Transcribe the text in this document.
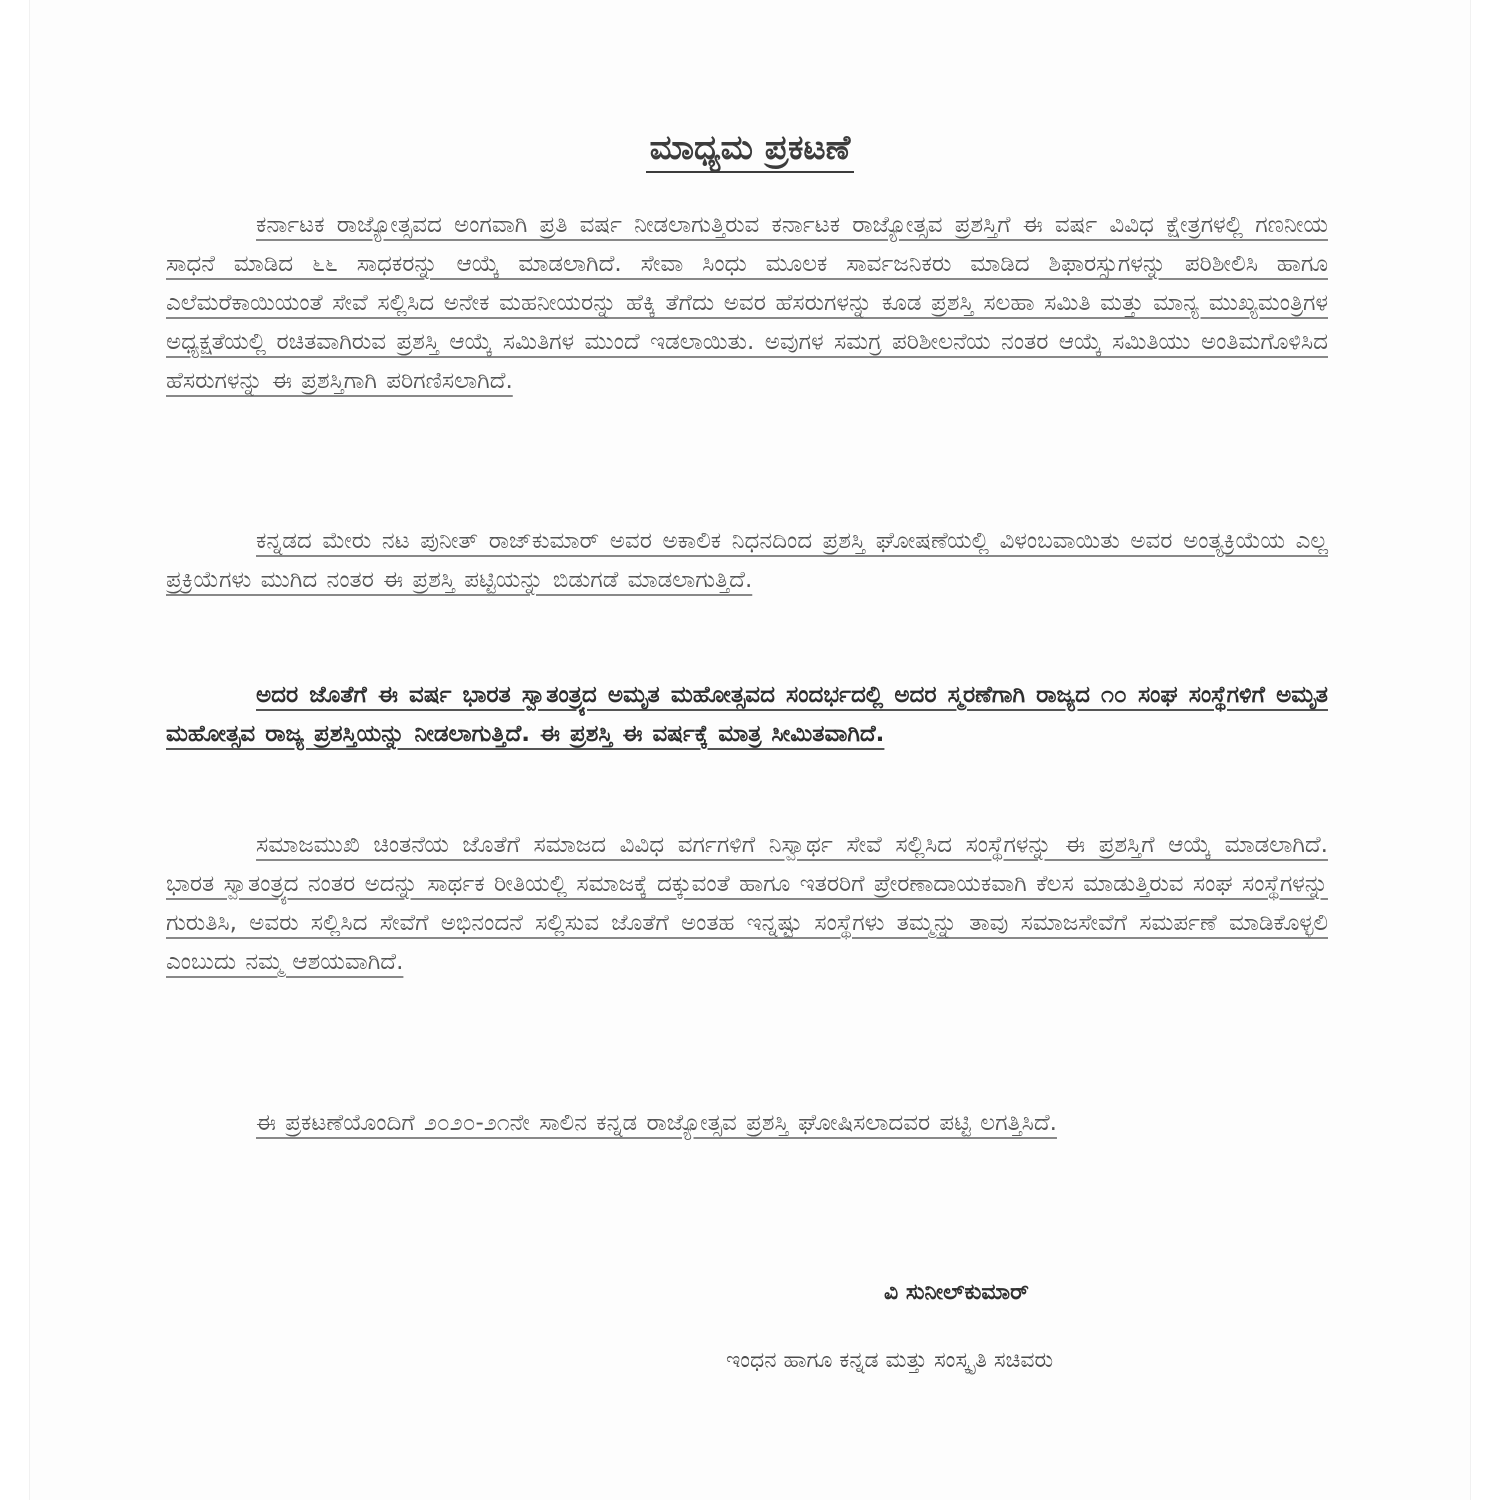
ಮಾಧ್ಯಮ ಪ್ರಕಟಣೆ

ಕರ್ನಾಟಕ ರಾಜ್ಯೋತ್ಸವದ ಅಂಗವಾಗಿ ಪ್ರತಿ ವರ್ಷ ನೀಡಲಾಗುತ್ತಿರುವ ಕರ್ನಾಟಕ ರಾಜ್ಯೋತ್ಸವ ಪ್ರಶಸ್ತಿಗೆ ಈ ವರ್ಷ ವಿವಿಧ ಕ್ಷೇತ್ರಗಳಲ್ಲಿ ಗಣನೀಯ ಸಾಧನೆ ಮಾಡಿದ ೬೬ ಸಾಧಕರನ್ನು ಆಯ್ಕೆ ಮಾಡಲಾಗಿದೆ. ಸೇವಾ ಸಿಂಧು ಮೂಲಕ ಸಾರ್ವಜನಿಕರು ಮಾಡಿದ ಶಿಫಾರಸ್ಸುಗಳನ್ನು ಪರಿಶೀಲಿಸಿ ಹಾಗೂ ಎಲೆಮರೆಕಾಯಿಯಂತೆ ಸೇವೆ ಸಲ್ಲಿಸಿದ ಅನೇಕ ಮಹನೀಯರನ್ನು ಹೆಕ್ಕಿ ತೆಗೆದು ಅವರ ಹೆಸರುಗಳನ್ನು ಕೂಡ ಪ್ರಶಸ್ತಿ ಸಲಹಾ ಸಮಿತಿ ಮತ್ತು ಮಾನ್ಯ ಮುಖ್ಯಮಂತ್ರಿಗಳ ಅಧ್ಯಕ್ಷತೆಯಲ್ಲಿ ರಚಿತವಾಗಿರುವ ಪ್ರಶಸ್ತಿ ಆಯ್ಕೆ ಸಮಿತಿಗಳ ಮುಂದೆ ಇಡಲಾಯಿತು. ಅವುಗಳ ಸಮಗ್ರ ಪರಿಶೀಲನೆಯ ನಂತರ ಆಯ್ಕೆ ಸಮಿತಿಯು ಅಂತಿಮಗೊಳಿಸಿದ ಹೆಸರುಗಳನ್ನು ಈ ಪ್ರಶಸ್ತಿಗಾಗಿ ಪರಿಗಣಿಸಲಾಗಿದೆ.

ಕನ್ನಡದ ಮೇರು ನಟ ಪುನೀತ್ ರಾಜ್‌ಕುಮಾರ್ ಅವರ ಅಕಾಲಿಕ ನಿಧನದಿಂದ ಪ್ರಶಸ್ತಿ ಘೋಷಣೆಯಲ್ಲಿ ವಿಳಂಬವಾಯಿತು ಅವರ ಅಂತ್ಯಕ್ರಿಯೆಯ ಎಲ್ಲ ಪ್ರಕ್ರಿಯೆಗಳು ಮುಗಿದ ನಂತರ ಈ ಪ್ರಶಸ್ತಿ ಪಟ್ಟಿಯನ್ನು ಬಿಡುಗಡೆ ಮಾಡಲಾಗುತ್ತಿದೆ.

ಅದರ ಜೊತೆಗೆ ಈ ವರ್ಷ ಭಾರತ ಸ್ವಾತಂತ್ರ್ಯದ ಅಮೃತ ಮಹೋತ್ಸವದ ಸಂದರ್ಭದಲ್ಲಿ ಅದರ ಸ್ಮರಣೆಗಾಗಿ ರಾಜ್ಯದ ೧೦ ಸಂಘ ಸಂಸ್ಥೆಗಳಿಗೆ ಅಮೃತ ಮಹೋತ್ಸವ ರಾಜ್ಯ ಪ್ರಶಸ್ತಿಯನ್ನು ನೀಡಲಾಗುತ್ತಿದೆ. ಈ ಪ್ರಶಸ್ತಿ ಈ ವರ್ಷಕ್ಕೆ ಮಾತ್ರ ಸೀಮಿತವಾಗಿದೆ.

ಸಮಾಜಮುಖಿ ಚಿಂತನೆಯ ಜೊತೆಗೆ ಸಮಾಜದ ವಿವಿಧ ವರ್ಗಗಳಿಗೆ ನಿಸ್ವಾರ್ಥ ಸೇವೆ ಸಲ್ಲಿಸಿದ ಸಂಸ್ಥೆಗಳನ್ನು ಈ ಪ್ರಶಸ್ತಿಗೆ ಆಯ್ಕೆ ಮಾಡಲಾಗಿದೆ. ಭಾರತ ಸ್ವಾತಂತ್ರ್ಯದ ನಂತರ ಅದನ್ನು ಸಾರ್ಥಕ ರೀತಿಯಲ್ಲಿ ಸಮಾಜಕ್ಕೆ ದಕ್ಕುವಂತೆ ಹಾಗೂ ಇತರರಿಗೆ ಪ್ರೇರಣಾದಾಯಕವಾಗಿ ಕೆಲಸ ಮಾಡುತ್ತಿರುವ ಸಂಘ ಸಂಸ್ಥೆಗಳನ್ನು ಗುರುತಿಸಿ, ಅವರು ಸಲ್ಲಿಸಿದ ಸೇವೆಗೆ ಅಭಿನಂದನೆ ಸಲ್ಲಿಸುವ ಜೊತೆಗೆ ಅಂತಹ ಇನ್ನಷ್ಟು ಸಂಸ್ಥೆಗಳು ತಮ್ಮನ್ನು ತಾವು ಸಮಾಜಸೇವೆಗೆ ಸಮರ್ಪಣೆ ಮಾಡಿಕೊಳ್ಳಲಿ ಎಂಬುದು ನಮ್ಮ ಆಶಯವಾಗಿದೆ.

ಈ ಪ್ರಕಟಣೆಯೊಂದಿಗೆ ೨೦೨೦-೨೧ನೇ ಸಾಲಿನ ಕನ್ನಡ ರಾಜ್ಯೋತ್ಸವ ಪ್ರಶಸ್ತಿ ಘೋಷಿಸಲಾದವರ ಪಟ್ಟಿ ಲಗತ್ತಿಸಿದೆ.

ವಿ ಸುನೀಲ್‌ಕುಮಾರ್

ಇಂಧನ ಹಾಗೂ ಕನ್ನಡ ಮತ್ತು ಸಂಸ್ಕೃತಿ ಸಚಿವರು
